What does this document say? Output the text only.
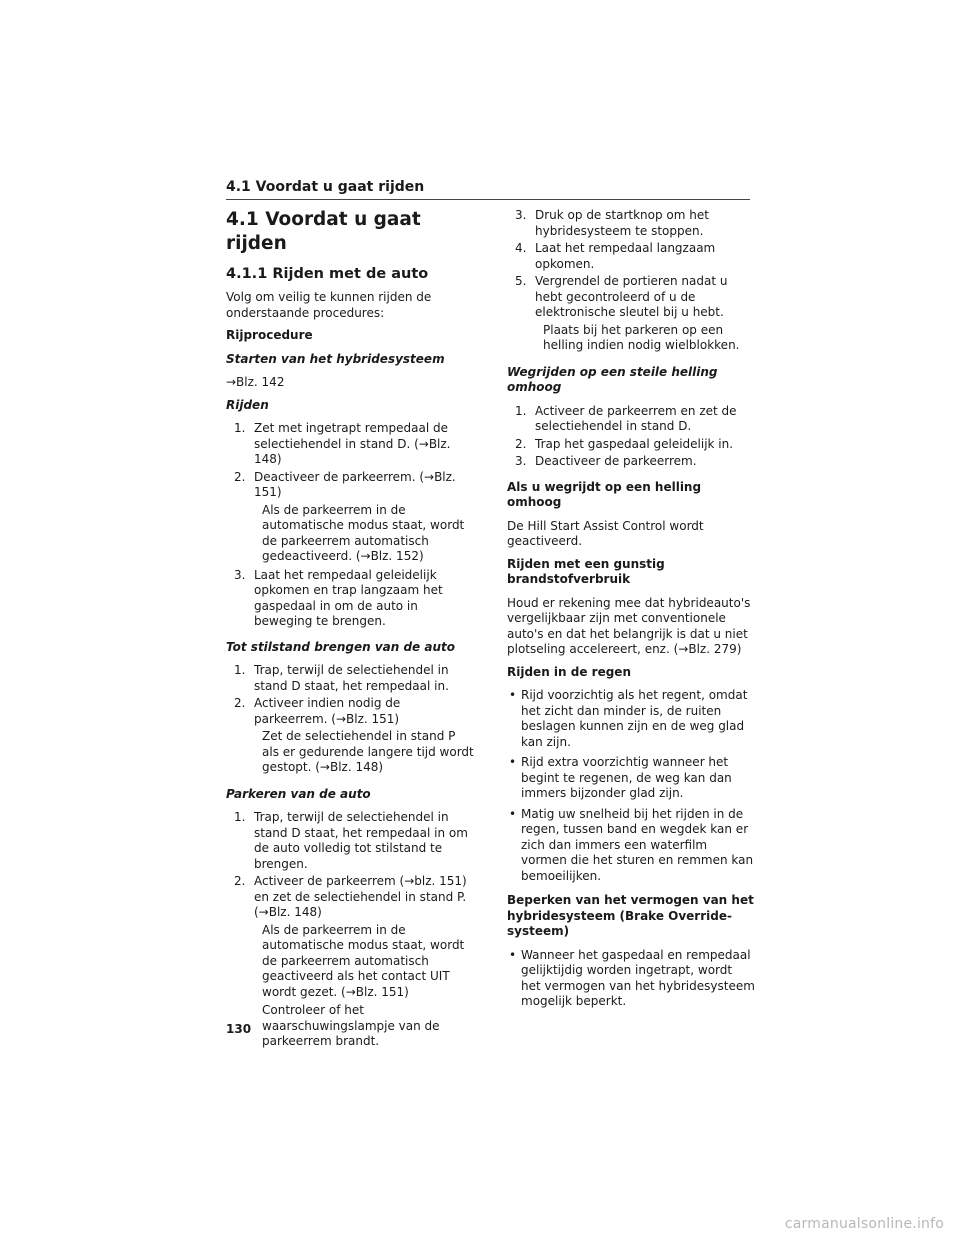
4.1 Voordat u gaat rijden
4.1 Voordat u gaat rijden
4.1.1 Rijden met de auto
Volg om veilig te kunnen rijden de onderstaande procedures:
Rijprocedure
Starten van het hybridesysteem
→Blz. 142
Rijden
1. Zet met ingetrapt rempedaal de selectiehendel in stand D. (→Blz. 148)
2. Deactiveer de parkeerrem. (→Blz. 151)
Als de parkeerrem in de automatische modus staat, wordt de parkeerrem automatisch gedeactiveerd. (→Blz. 152)
3. Laat het rempedaal geleidelijk opkomen en trap langzaam het gaspedaal in om de auto in beweging te brengen.
Tot stilstand brengen van de auto
1. Trap, terwijl de selectiehendel in stand D staat, het rempedaal in.
2. Activeer indien nodig de parkeerrem. (→Blz. 151)
Zet de selectiehendel in stand P als er gedurende langere tijd wordt gestopt. (→Blz. 148)
Parkeren van de auto
1. Trap, terwijl de selectiehendel in stand D staat, het rempedaal in om de auto volledig tot stilstand te brengen.
2. Activeer de parkeerrem (→blz. 151) en zet de selectiehendel in stand P. (→Blz. 148)
Als de parkeerrem in de automatische modus staat, wordt de parkeerrem automatisch geactiveerd als het contact UIT wordt gezet. (→Blz. 151)
Controleer of het waarschuwingslampje van de parkeerrem brandt.
3. Druk op de startknop om het hybridesysteem te stoppen.
4. Laat het rempedaal langzaam opkomen.
5. Vergrendel de portieren nadat u hebt gecontroleerd of u de elektronische sleutel bij u hebt.
Plaats bij het parkeren op een helling indien nodig wielblokken.
Wegrijden op een steile helling omhoog
1. Activeer de parkeerrem en zet de selectiehendel in stand D.
2. Trap het gaspedaal geleidelijk in.
3. Deactiveer de parkeerrem.
Als u wegrijdt op een helling omhoog
De Hill Start Assist Control wordt geactiveerd.
Rijden met een gunstig brandstofverbruik
Houd er rekening mee dat hybrideauto's vergelijkbaar zijn met conventionele auto's en dat het belangrijk is dat u niet plotseling accelereert, enz. (→Blz. 279)
Rijden in de regen
• Rijd voorzichtig als het regent, omdat het zicht dan minder is, de ruiten beslagen kunnen zijn en de weg glad kan zijn.
• Rijd extra voorzichtig wanneer het begint te regenen, de weg kan dan immers bijzonder glad zijn.
• Matig uw snelheid bij het rijden in de regen, tussen band en wegdek kan er zich dan immers een waterfilm vormen die het sturen en remmen kan bemoeilijken.
Beperken van het vermogen van het hybridesysteem (Brake Override-systeem)
• Wanneer het gaspedaal en rempedaal gelijktijdig worden ingetrapt, wordt het vermogen van het hybridesysteem mogelijk beperkt.
130
carmanualsonline.info
